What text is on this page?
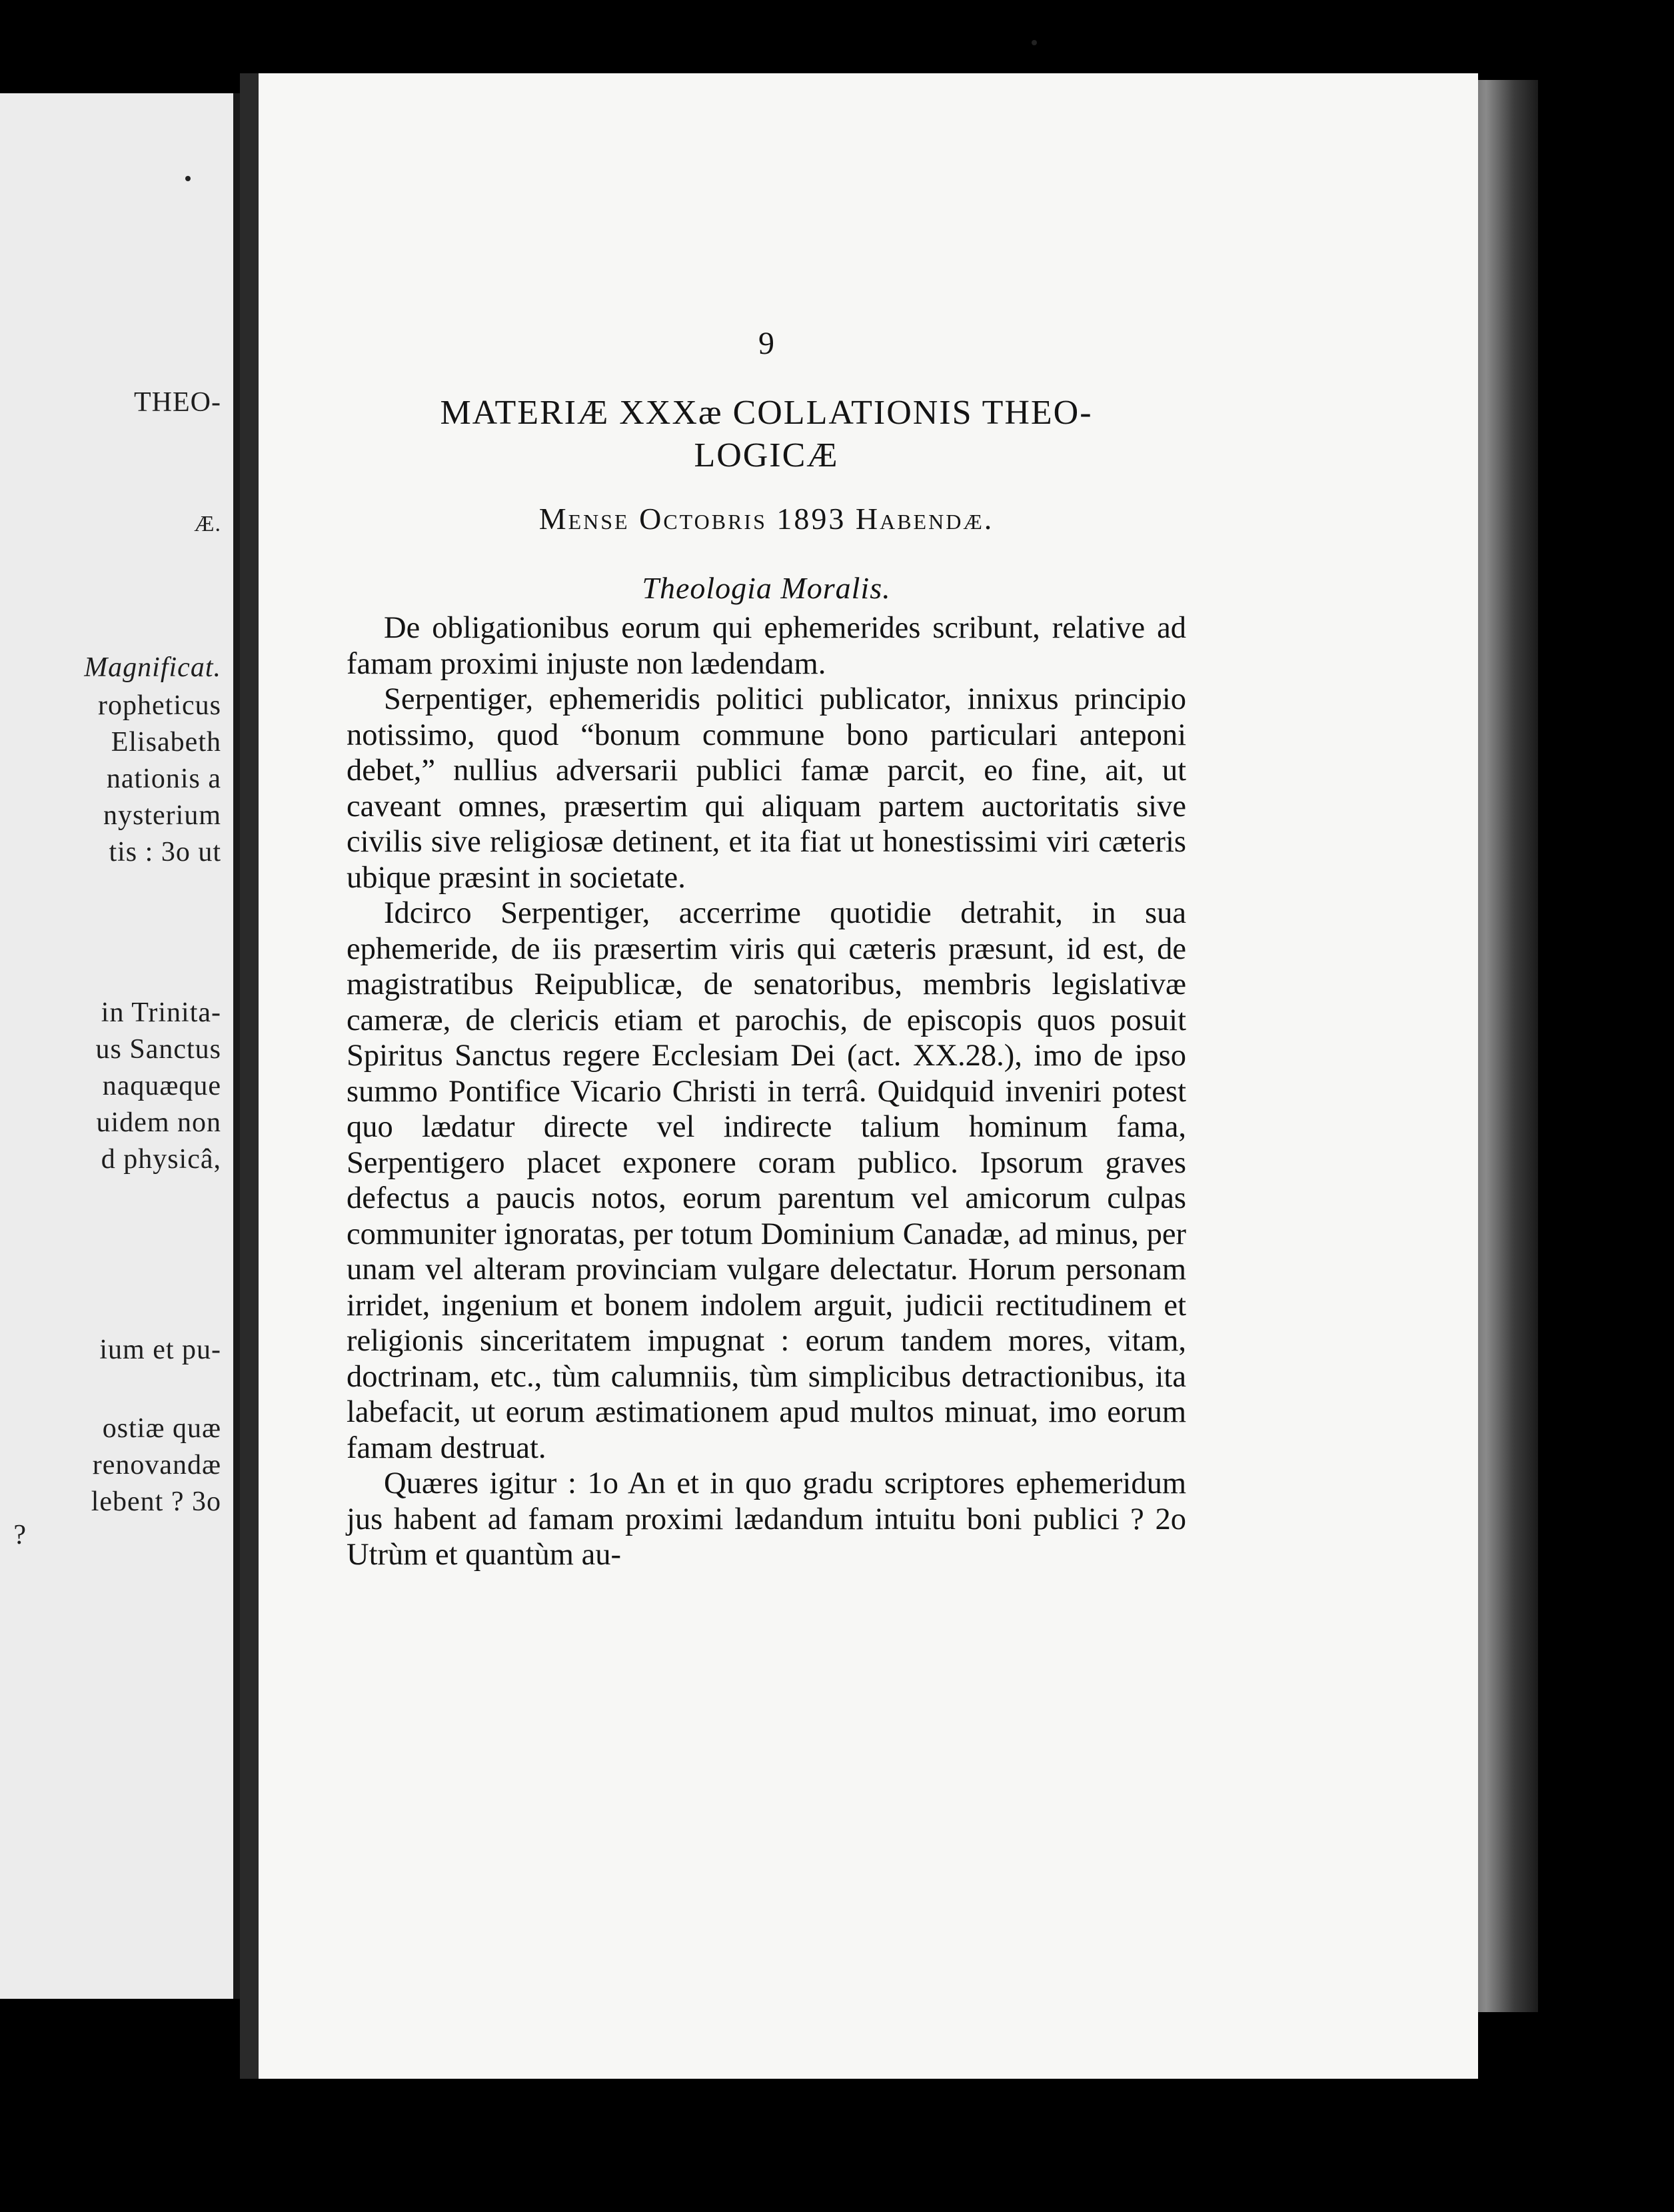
THEO-
Æ.
Magnificat.
ropheticus
Elisabeth
nationis a
nysterium
tis : 3o ut
in Trinita-
us Sanctus
naquæque
uidem non
d physicâ,
ium et pu-
ostiæ quæ
renovandæ
lebent ? 3o
?
9
MATERIÆ XXXæ COLLATIONIS THEO-
LOGICÆ
Mense Octobris 1893 Habendæ.
Theologia Moralis.

De obligationibus eorum qui ephemerides scribunt, relative ad famam proximi injuste non lædendam.

Serpentiger, ephemeridis politici publicator, innixus principio notissimo, quod “bonum commune bono particulari anteponi debet,” nullius adversarii publici famæ parcit, eo fine, ait, ut caveant omnes, præsertim qui aliquam partem auctoritatis sive civilis sive religiosæ detinent, et ita fiat ut honestissimi viri cæteris ubique præsint in societate.

Idcirco Serpentiger, accerrime quotidie detrahit, in sua ephemeride, de iis præsertim viris qui cæteris præsunt, id est, de magistratibus Reipublicæ, de senatoribus, membris legislativæ cameræ, de clericis etiam et parochis, de episcopis quos posuit Spiritus Sanctus regere Ecclesiam Dei (act. XX.28.), imo de ipso summo Pontifice Vicario Christi in terrâ. Quidquid inveniri potest quo lædatur directe vel indirecte talium hominum fama, Serpentigero placet exponere coram publico. Ipsorum graves defectus a paucis notos, eorum parentum vel amicorum culpas communiter ignoratas, per totum Dominium Canadæ, ad minus, per unam vel alteram provinciam vulgare delectatur. Horum personam irridet, ingenium et bonem indolem arguit, judicii rectitudinem et religionis sinceritatem impugnat : eorum tandem mores, vitam, doctrinam, etc., tùm calumniis, tùm simplicibus detractionibus, ita labefacit, ut eorum æstimationem apud multos minuat, imo eorum famam destruat.

Quæres igitur : 1o An et in quo gradu scriptores ephemeridum jus habent ad famam proximi lædandum intuitu boni publici ? 2o Utrùm et quantùm au-
